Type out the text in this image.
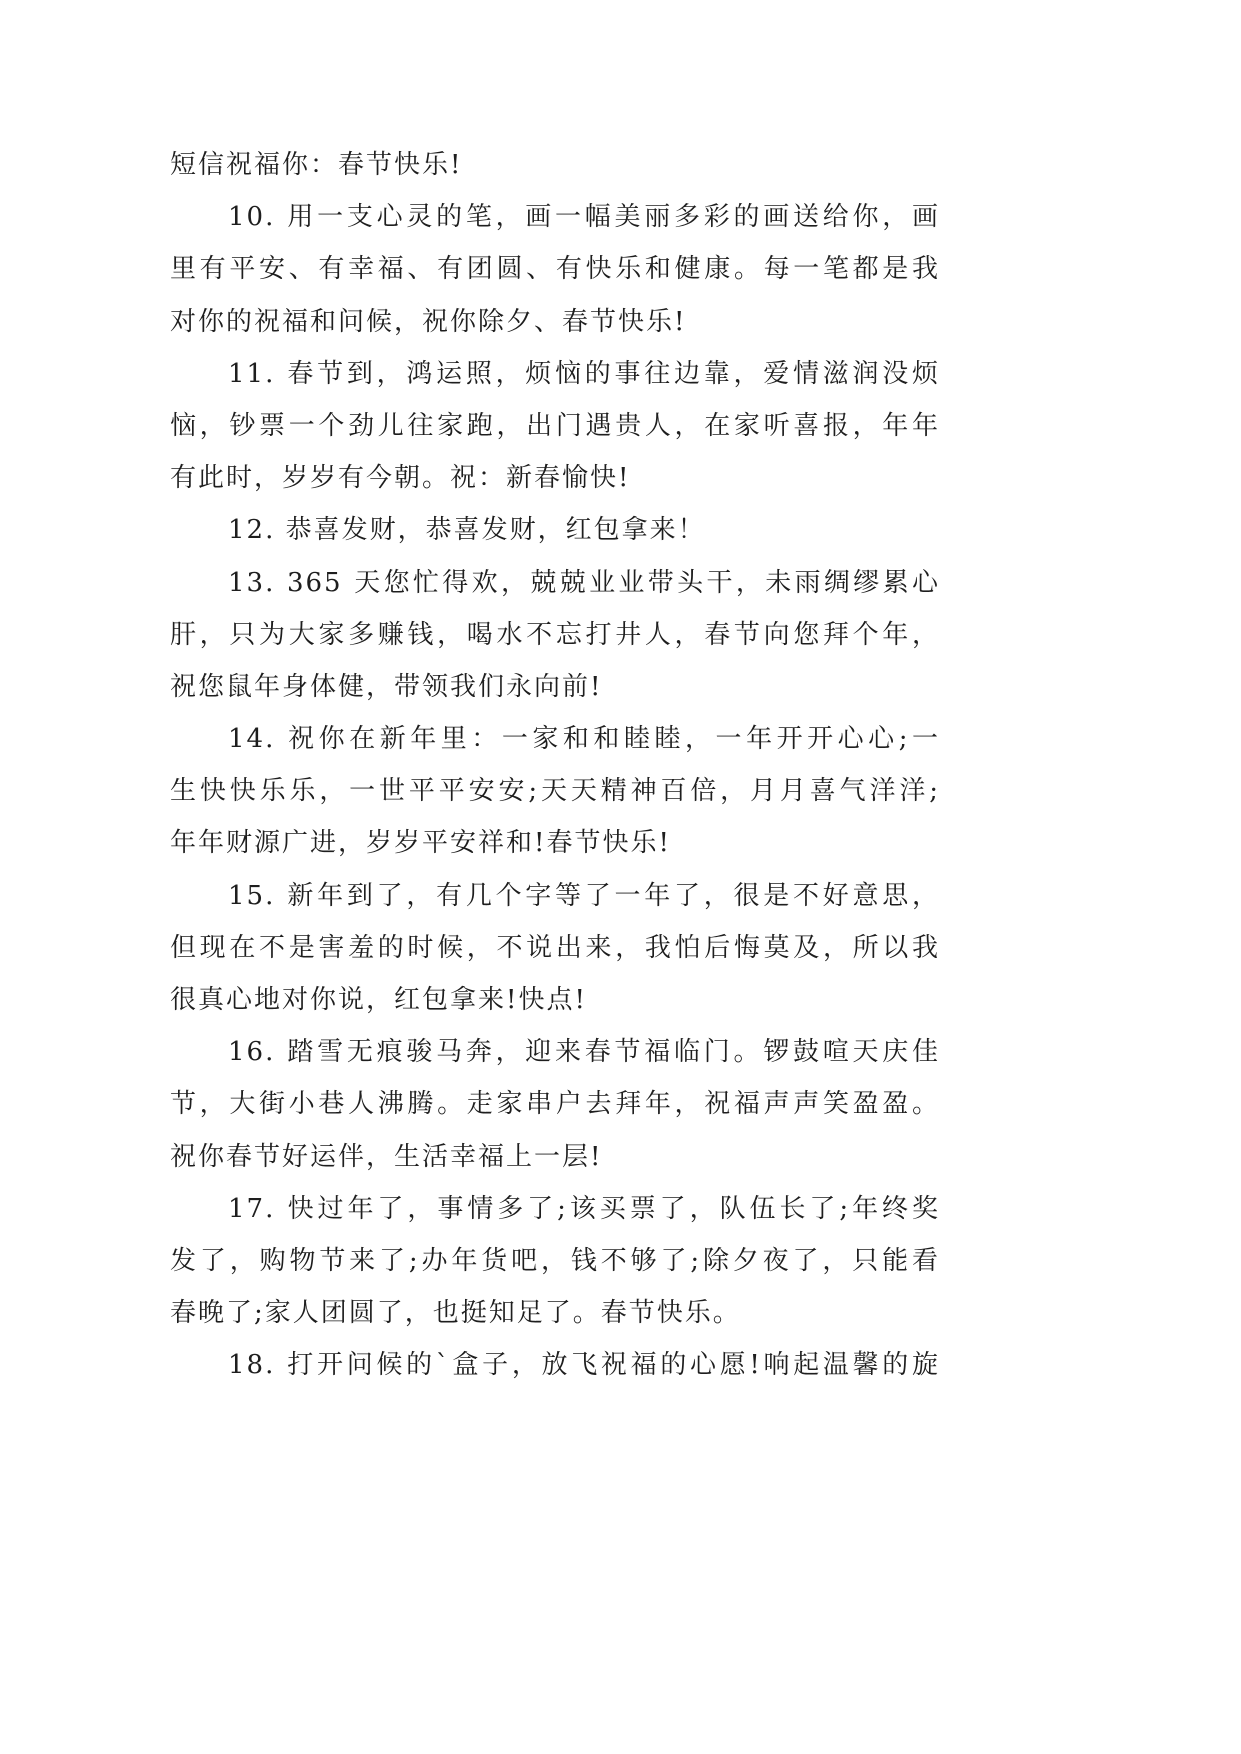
短信祝福你：春节快乐!
10. 用一支心灵的笔，画一幅美丽多彩的画送给你，画
里有平安、有幸福、有团圆、有快乐和健康。每一笔都是我
对你的祝福和问候，祝你除夕、春节快乐!
11. 春节到，鸿运照，烦恼的事往边靠，爱情滋润没烦
恼，钞票一个劲儿往家跑，出门遇贵人，在家听喜报，年年
有此时，岁岁有今朝。祝：新春愉快!
12. 恭喜发财，恭喜发财，红包拿来！
13. 365 天您忙得欢，兢兢业业带头干，未雨绸缪累心
肝，只为大家多赚钱，喝水不忘打井人，春节向您拜个年，
祝您鼠年身体健，带领我们永向前!
14. 祝你在新年里：一家和和睦睦，一年开开心心;一
生快快乐乐，一世平平安安;天天精神百倍，月月喜气洋洋;
年年财源广进，岁岁平安祥和!春节快乐!
15. 新年到了，有几个字等了一年了，很是不好意思，
但现在不是害羞的时候，不说出来，我怕后悔莫及，所以我
很真心地对你说，红包拿来!快点!
16. 踏雪无痕骏马奔，迎来春节福临门。锣鼓喧天庆佳
节，大街小巷人沸腾。走家串户去拜年，祝福声声笑盈盈。
祝你春节好运伴，生活幸福上一层!
17. 快过年了，事情多了;该买票了，队伍长了;年终奖
发了，购物节来了;办年货吧，钱不够了;除夕夜了，只能看
春晚了;家人团圆了，也挺知足了。春节快乐。
18. 打开问候的`盒子，放飞祝福的心愿!响起温馨的旋
